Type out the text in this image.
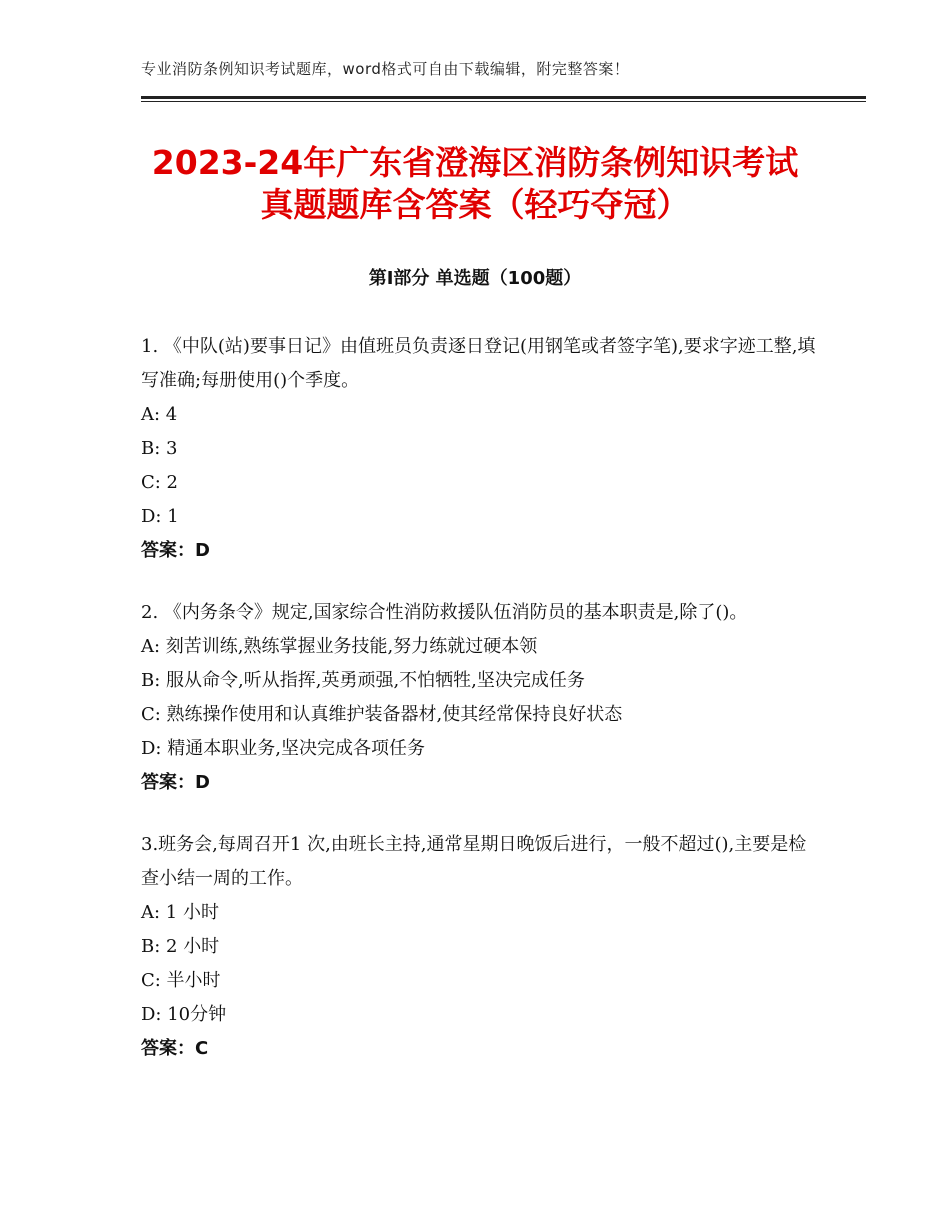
专业消防条例知识考试题库，word格式可自由下载编辑，附完整答案！
2023-24年广东省澄海区消防条例知识考试
真题题库含答案（轻巧夺冠）
第Ⅰ部分 单选题（100题）

1. 《中队(站)要事日记》由值班员负责逐日登记(用钢笔或者签字笔),要求字迹工整,填写准确;每册使用()个季度。

A: 4

B: 3

C: 2

D: 1

答案：D

2. 《内务条令》规定,国家综合性消防救援队伍消防员的基本职责是,除了()。

A: 刻苦训练,熟练掌握业务技能,努力练就过硬本领

B: 服从命令,听从指挥,英勇顽强,不怕牺牲,坚决完成任务

C: 熟练操作使用和认真维护装备器材,使其经常保持良好状态

D: 精通本职业务,坚决完成各项任务

答案：D

3.班务会,每周召开1 次,由班长主持,通常星期日晚饭后进行，一般不超过(),主要是检查小结一周的工作。

A: 1 小时

B: 2 小时

C: 半小时

D: 10分钟

答案：C
